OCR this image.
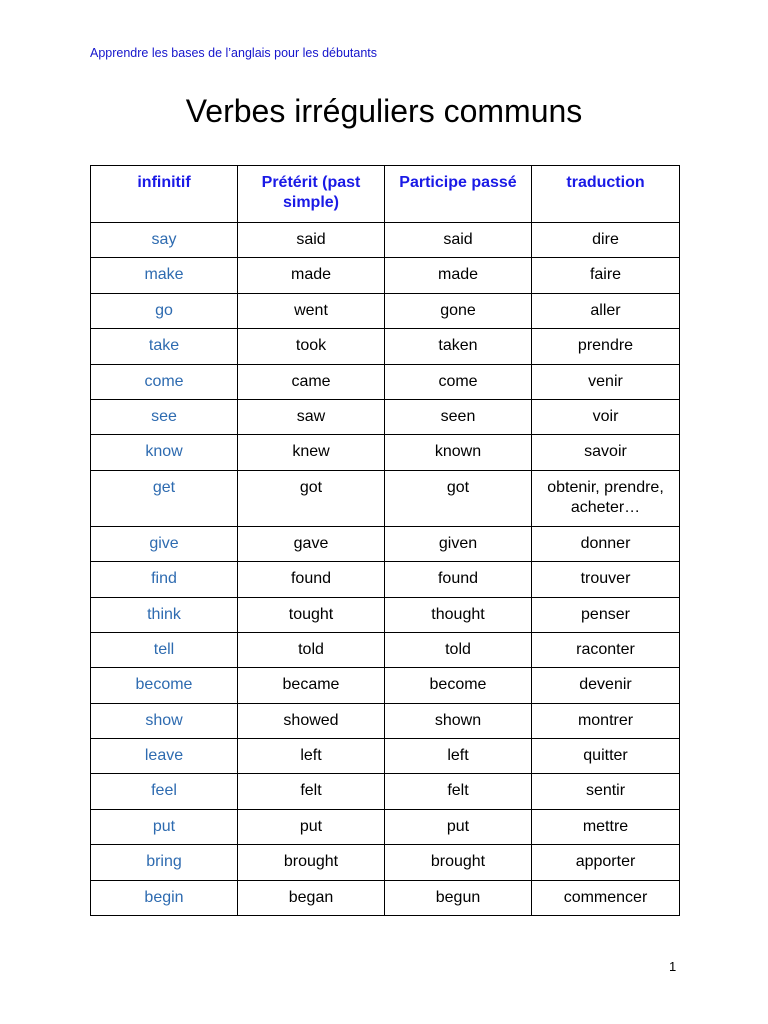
Apprendre les bases de l’anglais pour les débutants
Verbes irréguliers communs
infinitif	Prétérit (past simple)	Participe passé	traduction
say	said	said	dire
make	made	made	faire
go	went	gone	aller
take	took	taken	prendre
come	came	come	venir
see	saw	seen	voir
know	knew	known	savoir
get	got	got	obtenir, prendre, acheter…
give	gave	given	donner
find	found	found	trouver
think	tought	thought	penser
tell	told	told	raconter
become	became	become	devenir
show	showed	shown	montrer
leave	left	left	quitter
feel	felt	felt	sentir
put	put	put	mettre
bring	brought	brought	apporter
begin	began	begun	commencer
1
